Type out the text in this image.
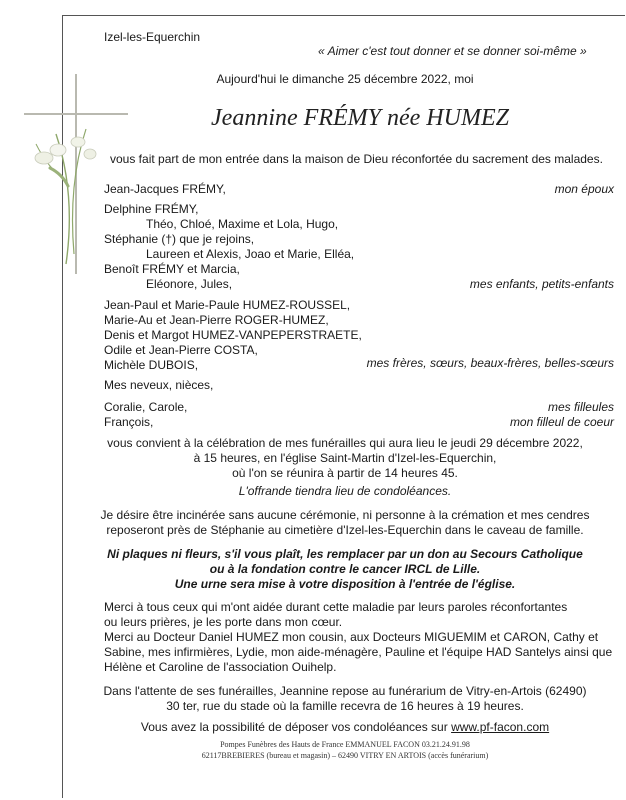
Izel-les-Equerchin
« Aimer c'est tout donner et se donner soi-même »
Aujourd'hui le dimanche 25 décembre 2022, moi
Jeannine FRÉMY née HUMEZ
vous fait part de mon entrée dans la maison de Dieu réconfortée du sacrement des malades.
Jean-Jacques FRÉMY,	mon époux
Delphine FRÉMY,
Théo, Chloé, Maxime et Lola, Hugo,
Stéphanie (†) que je rejoins,
Laureen et Alexis, Joao et Marie, Elléa,
Benoît FRÉMY et Marcia,
Eléonore, Jules,	mes enfants, petits-enfants
Jean-Paul et Marie-Paule HUMEZ-ROUSSEL,
Marie-Au et Jean-Pierre ROGER-HUMEZ,
Denis et Margot HUMEZ-VANPEPERSTRAETE,
Odile et Jean-Pierre COSTA,
Michèle DUBOIS,	mes frères, sœurs, beaux-frères, belles-sœurs
Mes neveux, nièces,
Coralie, Carole,	mes filleules
François,	mon filleul de coeur
vous convient à la célébration de mes funérailles qui aura lieu le jeudi 29 décembre 2022,
à 15 heures, en l'église Saint-Martin d'Izel-les-Equerchin,
où l'on se réunira à partir de 14 heures 45.
L'offrande tiendra lieu de condoléances.
Je désire être incinérée sans aucune cérémonie, ni personne à la crémation et mes cendres
reposeront près de Stéphanie au cimetière d'Izel-les-Equerchin dans le caveau de famille.
Ni plaques ni fleurs, s'il vous plaît, les remplacer par un don au Secours Catholique
ou à la fondation contre le cancer IRCL de Lille.
Une urne sera mise à votre disposition à l'entrée de l'église.
Merci à tous ceux qui m'ont aidée durant cette maladie par leurs paroles réconfortantes
ou leurs prières, je les porte dans mon cœur.
Merci au Docteur Daniel HUMEZ mon cousin, aux Docteurs MIGUEMIM et CARON, Cathy et
Sabine, mes infirmières, Lydie, mon aide-ménagère, Pauline et l'équipe HAD Santelys ainsi que
Hélène et Caroline de l'association Ouihelp.
Dans l'attente de ses funérailles, Jeannine repose au funérarium de Vitry-en-Artois (62490)
30 ter, rue du stade où la famille recevra de 16 heures à 19 heures.
Vous avez la possibilité de déposer vos condoléances sur www.pf-facon.com
Pompes Funèbres des Hauts de France EMMANUEL FACON 03.21.24.91.98
62117BREBIERES (bureau et magasin) – 62490 VITRY EN ARTOIS (accès funérarium)
